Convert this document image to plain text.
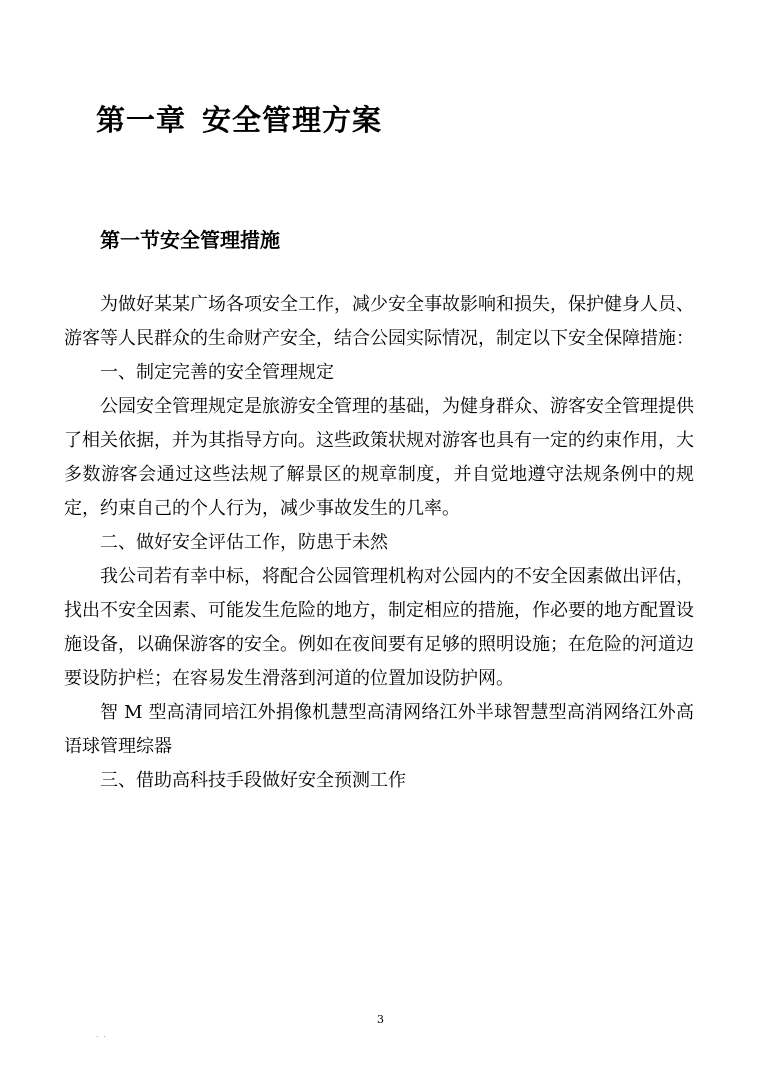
第一章 安全管理方案
第一节安全管理措施

为做好某某广场各项安全工作，减少安全事故影响和损失，保护健身人员、游客等人民群众的生命财产安全，结合公园实际情况，制定以下安全保障措施：

一、制定完善的安全管理规定

公园安全管理规定是旅游安全管理的基础，为健身群众、游客安全管理提供了相关依据，并为其指导方向。这些政策状规对游客也具有一定的约束作用，大多数游客会通过这些法规了解景区的规章制度，并自觉地遵守法规条例中的规定，约束自己的个人行为，减少事故发生的几率。

二、做好安全评估工作，防患于未然

我公司若有幸中标，将配合公园管理机构对公园内的不安全因素做出评估，找出不安全因素、可能发生危险的地方，制定相应的措施，作必要的地方配置设施设备，以确保游客的安全。例如在夜间要有足够的照明设施；在危险的河道边要设防护栏；在容易发生滑落到河道的位置加设防护网。

智 M 型高清同培江外捐像机慧型高清网络江外半球智慧型高消网络江外高语球管理综器

三、借助高科技手段做好安全预测工作

3
. .
